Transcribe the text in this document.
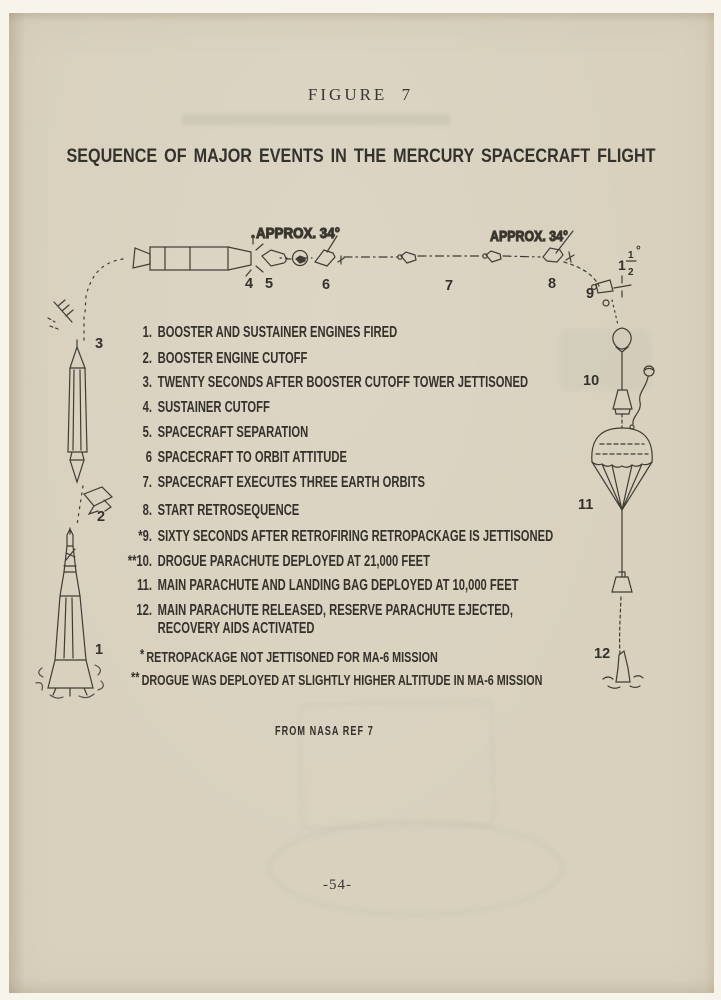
FIGURE 7
SEQUENCE OF MAJOR EVENTS IN THE MERCURY SPACECRAFT FLIGHT
APPROX. 34°	APPROX. 34°
1
1
2
°
1
2
3
4 5	6	7	8
9
10
11
12
1. BOOSTER AND SUSTAINER ENGINES FIRED
2. BOOSTER ENGINE CUTOFF
3. TWENTY SECONDS AFTER BOOSTER CUTOFF TOWER JETTISONED
4. SUSTAINER CUTOFF
5. SPACECRAFT SEPARATION
6 SPACECRAFT TO ORBIT ATTITUDE
7. SPACECRAFT EXECUTES THREE EARTH ORBITS
8. START RETROSEQUENCE
*9. SIXTY SECONDS AFTER RETROFIRING RETROPACKAGE IS JETTISONED
**10. DROGUE PARACHUTE DEPLOYED AT 21,000 FEET
11. MAIN PARACHUTE AND LANDING BAG DEPLOYED AT 10,000 FEET
12. MAIN PARACHUTE RELEASED, RESERVE PARACHUTE EJECTED,
RECOVERY AIDS ACTIVATED
* RETROPACKAGE NOT JETTISONED FOR MA-6 MISSION
** DROGUE WAS DEPLOYED AT SLIGHTLY HIGHER ALTITUDE IN MA-6 MISSION
FROM NASA REF 7
-54-
